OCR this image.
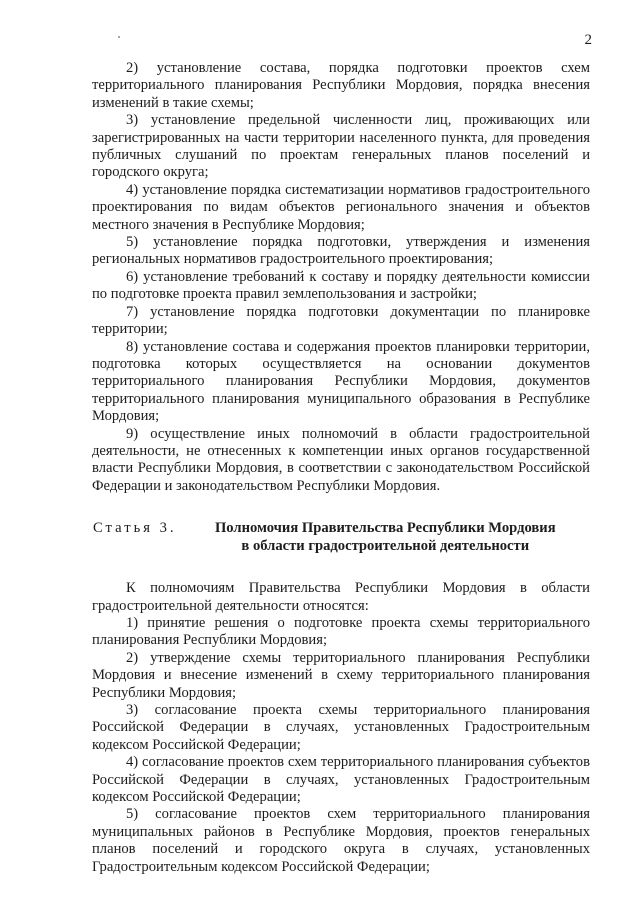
2

2) установление состава, порядка подготовки проектов схем территориального планирования Республики Мордовия, порядка внесения изменений в такие схемы;

3) установление предельной численности лиц, проживающих или зарегистрированных на части территории населенного пункта, для проведения публичных слушаний по проектам генеральных планов поселений и городского округа;

4) установление порядка систематизации нормативов градостроительного проектирования по видам объектов регионального значения и объектов местного значения в Республике Мордовия;

5) установление порядка подготовки, утверждения и изменения региональных нормативов градостроительного проектирования;

6) установление требований к составу и порядку деятельности комиссии по подготовке проекта правил землепользования и застройки;

7) установление порядка подготовки документации по планировке территории;

8) установление состава и содержания проектов планировки территории, подготовка которых осуществляется на основании документов территориального планирования Республики Мордовия, документов территориального планирования муниципального образования в Республике Мордовия;

9) осуществление иных полномочий в области градостроительной деятельности, не отнесенных к компетенции иных органов государственной власти Республики Мордовия, в соответствии с законодательством Российской Федерации и законодательством Республики Мордовия.

Статья 3.	Полномочия Правительства Республики Мордовия
в области градостроительной деятельности

К полномочиям Правительства Республики Мордовия в области градостроительной деятельности относятся:

1) принятие решения о подготовке проекта схемы территориального планирования Республики Мордовия;

2) утверждение схемы территориального планирования Республики Мордовия и внесение изменений в схему территориального планирования Республики Мордовия;

3) согласование проекта схемы территориального планирования Российской Федерации в случаях, установленных Градостроительным кодексом Российской Федерации;

4) согласование проектов схем территориального планирования субъектов Российской Федерации в случаях, установленных Градостроительным кодексом Российской Федерации;

5) согласование проектов схем территориального планирования муниципальных районов в Республике Мордовия, проектов генеральных планов поселений и городского округа в случаях, установленных Градостроительным кодексом Российской Федерации;
